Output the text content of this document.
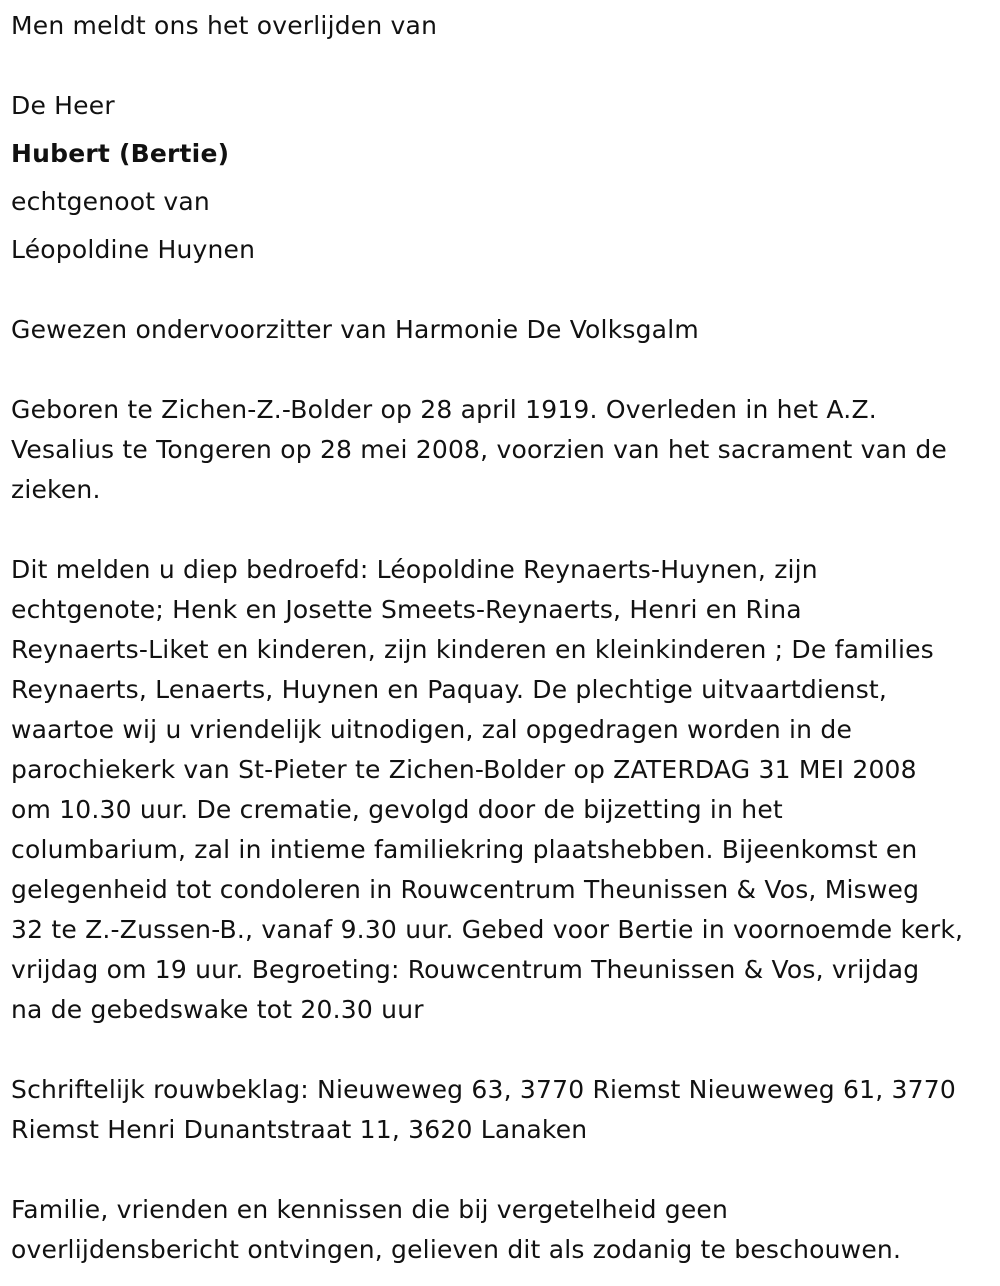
Men meldt ons het overlijden van
De Heer
Hubert (Bertie)
echtgenoot van
Léopoldine Huynen
Gewezen ondervoorzitter van Harmonie De Volksgalm
Geboren te Zichen-Z.-Bolder op 28 april 1919. Overleden in het A.Z.
Vesalius te Tongeren op 28 mei 2008, voorzien van het sacrament van de
zieken.
Dit melden u diep bedroefd: Léopoldine Reynaerts-Huynen, zijn
echtgenote; Henk en Josette Smeets-Reynaerts, Henri en Rina
Reynaerts-Liket en kinderen, zijn kinderen en kleinkinderen ; De families
Reynaerts, Lenaerts, Huynen en Paquay. De plechtige uitvaartdienst,
waartoe wij u vriendelijk uitnodigen, zal opgedragen worden in de
parochiekerk van St-Pieter te Zichen-Bolder op ZATERDAG 31 MEI 2008
om 10.30 uur. De crematie, gevolgd door de bijzetting in het
columbarium, zal in intieme familiekring plaatshebben. Bijeenkomst en
gelegenheid tot condoleren in Rouwcentrum Theunissen & Vos, Misweg
32 te Z.-Zussen-B., vanaf 9.30 uur. Gebed voor Bertie in voornoemde kerk,
vrijdag om 19 uur. Begroeting: Rouwcentrum Theunissen & Vos, vrijdag
na de gebedswake tot 20.30 uur
Schriftelijk rouwbeklag: Nieuweweg 63, 3770 Riemst Nieuweweg 61, 3770
Riemst Henri Dunantstraat 11, 3620 Lanaken
Familie, vrienden en kennissen die bij vergetelheid geen
overlijdensbericht ontvingen, gelieven dit als zodanig te beschouwen.
